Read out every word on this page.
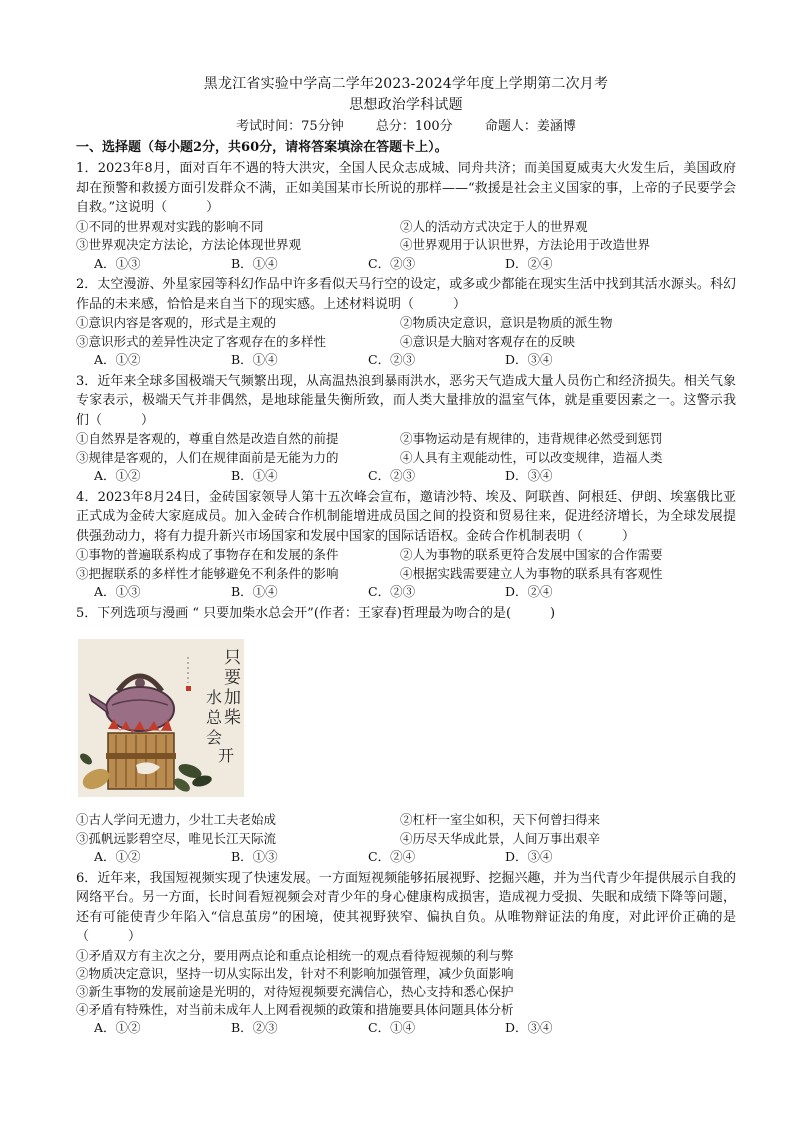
黑龙江省实验中学高二学年2023-2024学年度上学期第二次月考
思想政治学科试题
考试时间：75分钟 总分：100分 命题人：姜涵博
一、选择题（每小题2分，共60分，请将答案填涂在答题卡上）。
1．2023年8月，面对百年不遇的特大洪灾，全国人民众志成城、同舟共济；而美国夏威夷大火发生后，美国政府却在预警和救援方面引发群众不满，正如美国某市长所说的那样——“救援是社会主义国家的事，上帝的子民要学会自救。”这说明（　　　）
①不同的世界观对实践的影响不同	②人的活动方式决定于人的世界观
③世界观决定方法论，方法论体现世界观	④世界观用于认识世界，方法论用于改造世界
A．①③	B．①④	C．②③	D．②④
2．太空漫游、外星家园等科幻作品中许多看似天马行空的设定，或多或少都能在现实生活中找到其活水源头。科幻作品的未来感，恰恰是来自当下的现实感。上述材料说明（　　　）
①意识内容是客观的，形式是主观的	②物质决定意识，意识是物质的派生物
③意识形式的差异性决定了客观存在的多样性	④意识是大脑对客观存在的反映
A．①②	B．①④	C．②③	D．③④
3．近年来全球多国极端天气频繁出现，从高温热浪到暴雨洪水，恶劣天气造成大量人员伤亡和经济损失。相关气象专家表示，极端天气并非偶然，是地球能量失衡所致，而人类大量排放的温室气体，就是重要因素之一。这警示我们（　　　）
①自然界是客观的，尊重自然是改造自然的前提	②事物运动是有规律的，违背规律必然受到惩罚
③规律是客观的，人们在规律面前是无能为力的	④人具有主观能动性，可以改变规律，造福人类
A．①②	B．①④	C．②③	D．③④
4．2023年8月24日，金砖国家领导人第十五次峰会宣布，邀请沙特、埃及、阿联酋、阿根廷、伊朗、埃塞俄比亚正式成为金砖大家庭成员。加入金砖合作机制能增进成员国之间的投资和贸易往来，促进经济增长，为全球发展提供强劲动力，将有力提升新兴市场国家和发展中国家的国际话语权。金砖合作机制表明（　　　）
①事物的普遍联系构成了事物存在和发展的条件	②人为事物的联系更符合发展中国家的合作需要
③把握联系的多样性才能够避免不利条件的影响	④根据实践需要建立人为事物的联系具有客观性
A．①③	B．①④	C．②③	D．②④
5．下列选项与漫画 “ 只要加柴水总会开”(作者：王家春)哲理最为吻合的是(　　　)
只
要
加
柴
水
总
会
开
①古人学问无遗力，少壮工夫老始成	②杠杆一室尘如积，天下何曾扫得来
③孤帆远影碧空尽，唯见长江天际流	④历尽天华成此景，人间万事出艰辛
A．①②	B．①③	C．②④	D．③④
6．近年来，我国短视频实现了快速发展。一方面短视频能够拓展视野、挖掘兴趣，并为当代青少年提供展示自我的网络平台。另一方面，长时间看短视频会对青少年的身心健康构成损害，造成视力受损、失眠和成绩下降等问题，还有可能使青少年陷入“信息茧房”的困境，使其视野狭窄、偏执自负。从唯物辩证法的角度，对此评价正确的是（　　　）
①矛盾双方有主次之分，要用两点论和重点论相统一的观点看待短视频的利与弊
②物质决定意识，坚持一切从实际出发，针对不利影响加强管理，减少负面影响
③新生事物的发展前途是光明的，对待短视频要充满信心，热心支持和悉心保护
④矛盾有特殊性，对当前未成年人上网看视频的政策和措施要具体问题具体分析
A．①②	B．②③	C．①④	D．③④
